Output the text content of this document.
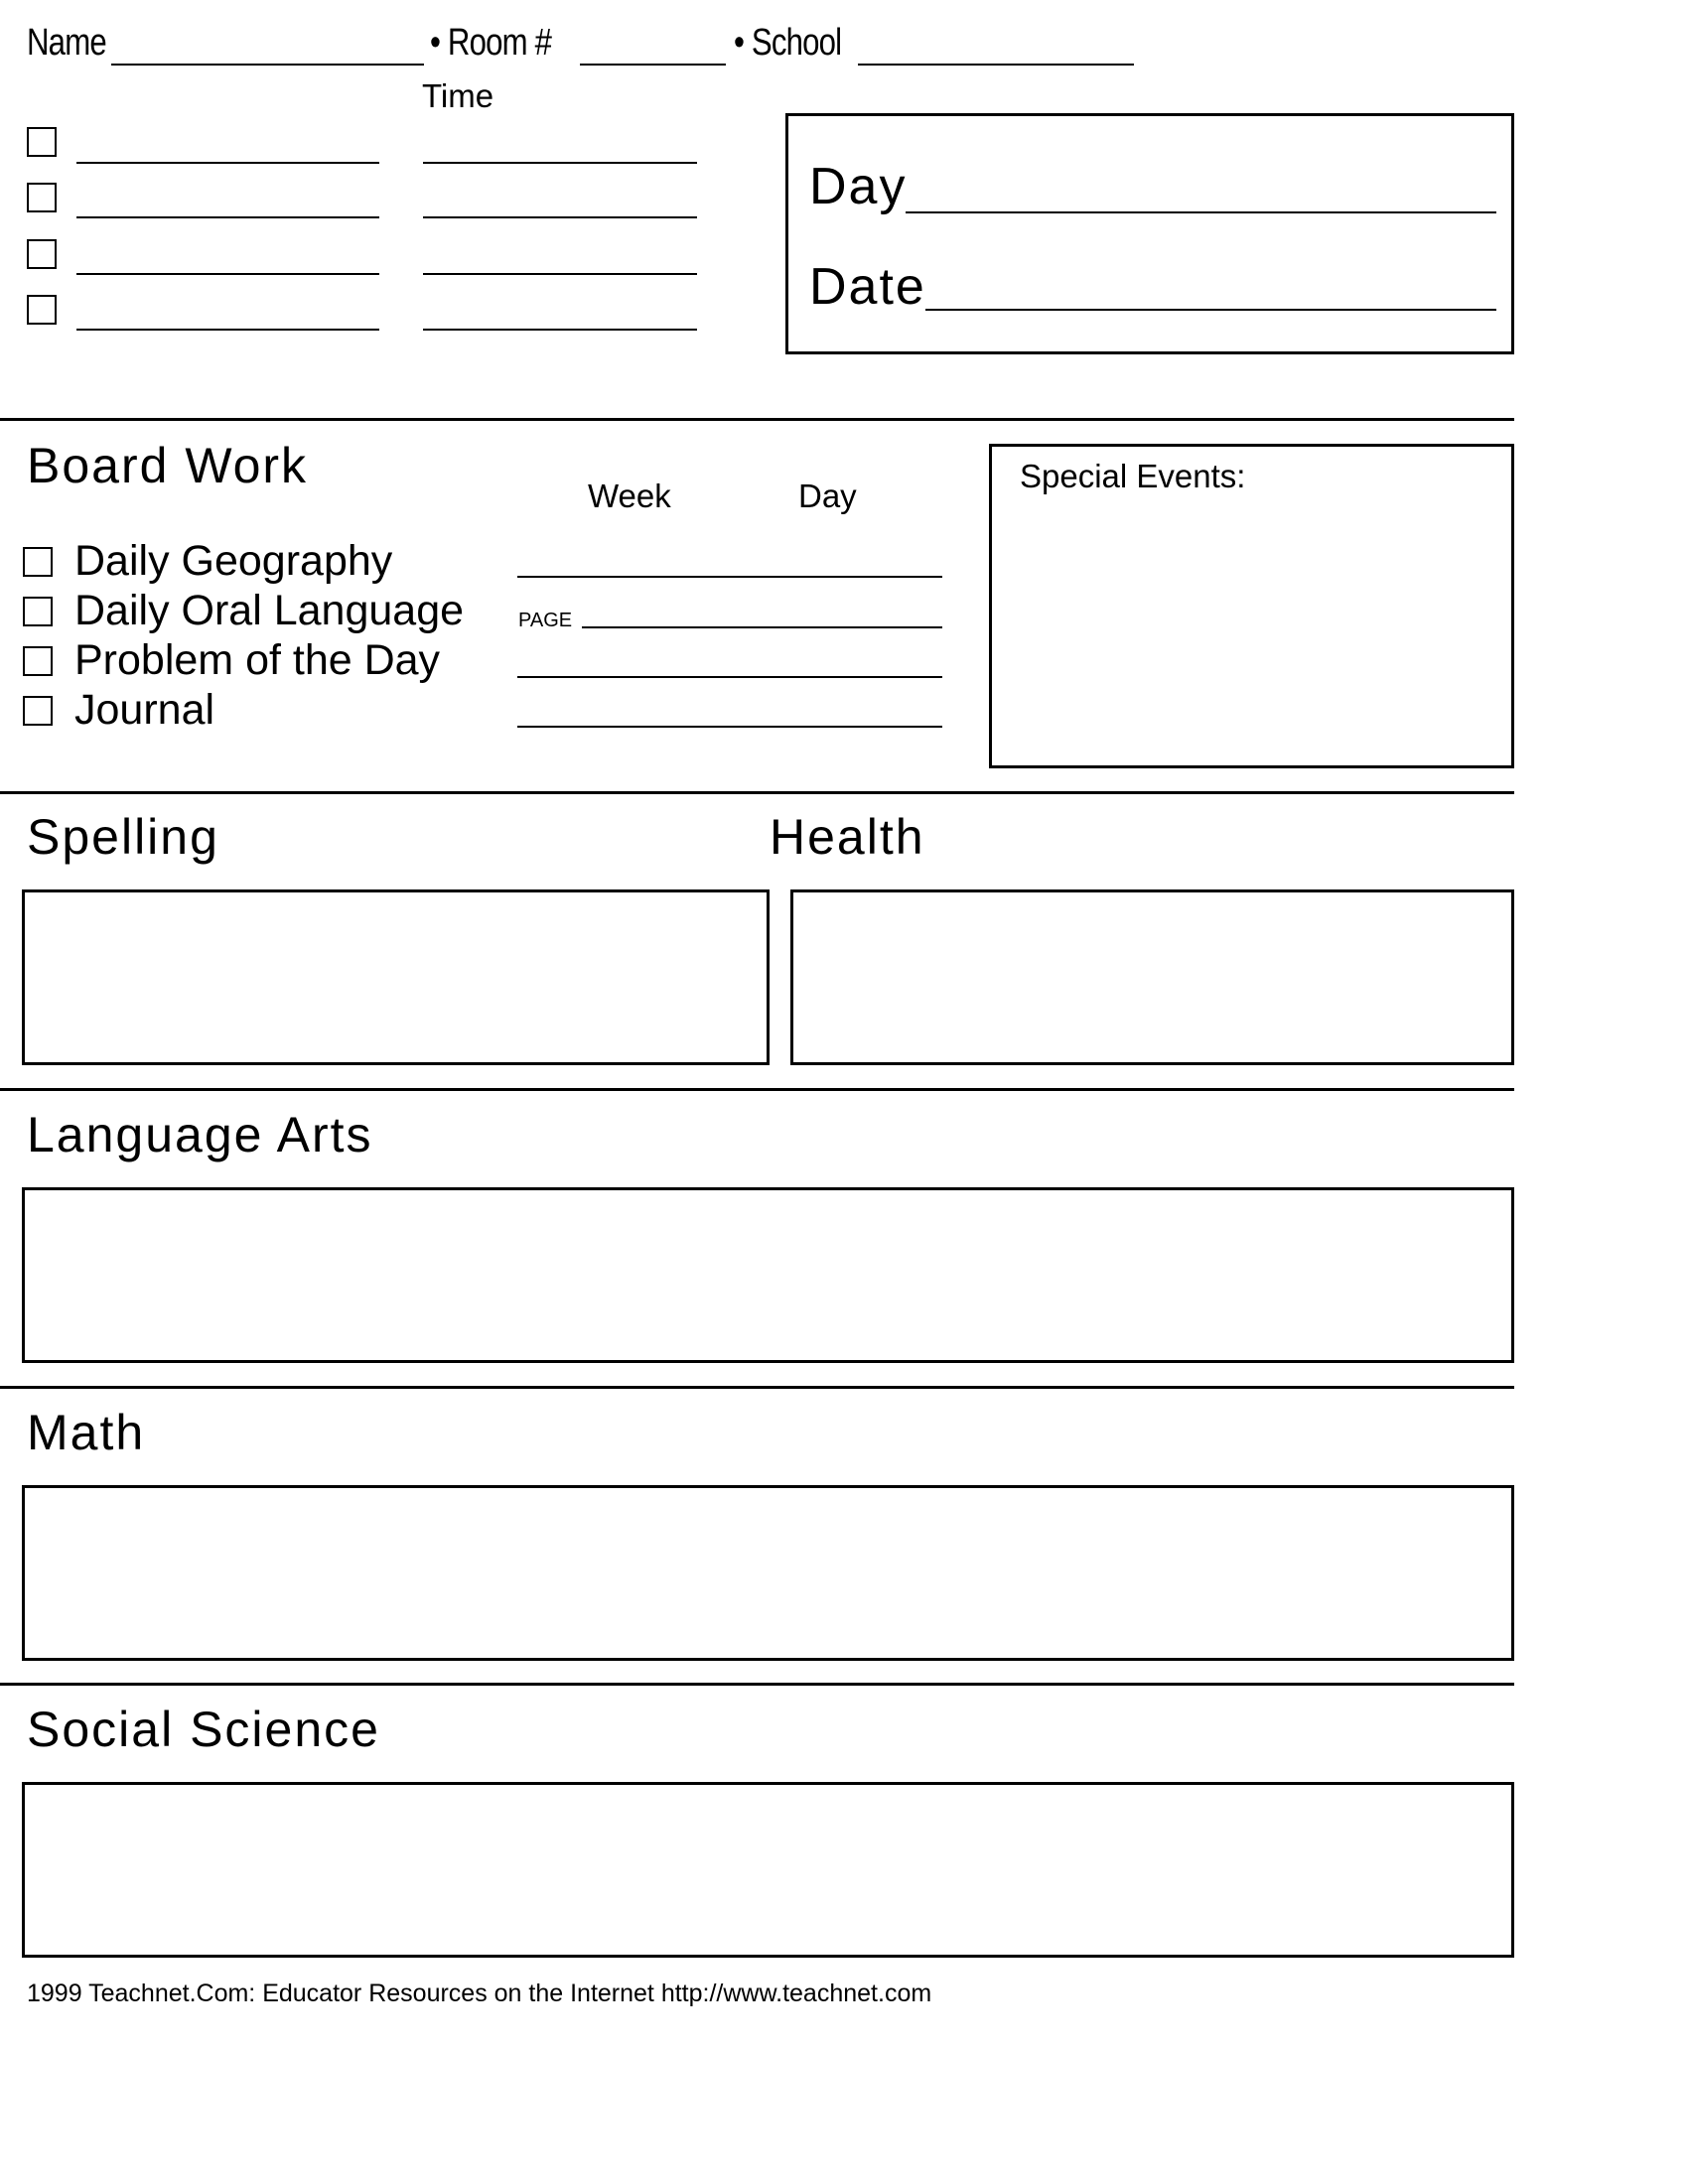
Name	• Room #	• School
Time
Day
Date
Board Work
Week	Day
Daily Geography
Daily Oral Language	PAGE
Problem of the Day
Journal
Special Events:
Spelling	Health
Language Arts
Math
Social Science
1999 Teachnet.Com: Educator Resources on the Internet http://www.teachnet.com
